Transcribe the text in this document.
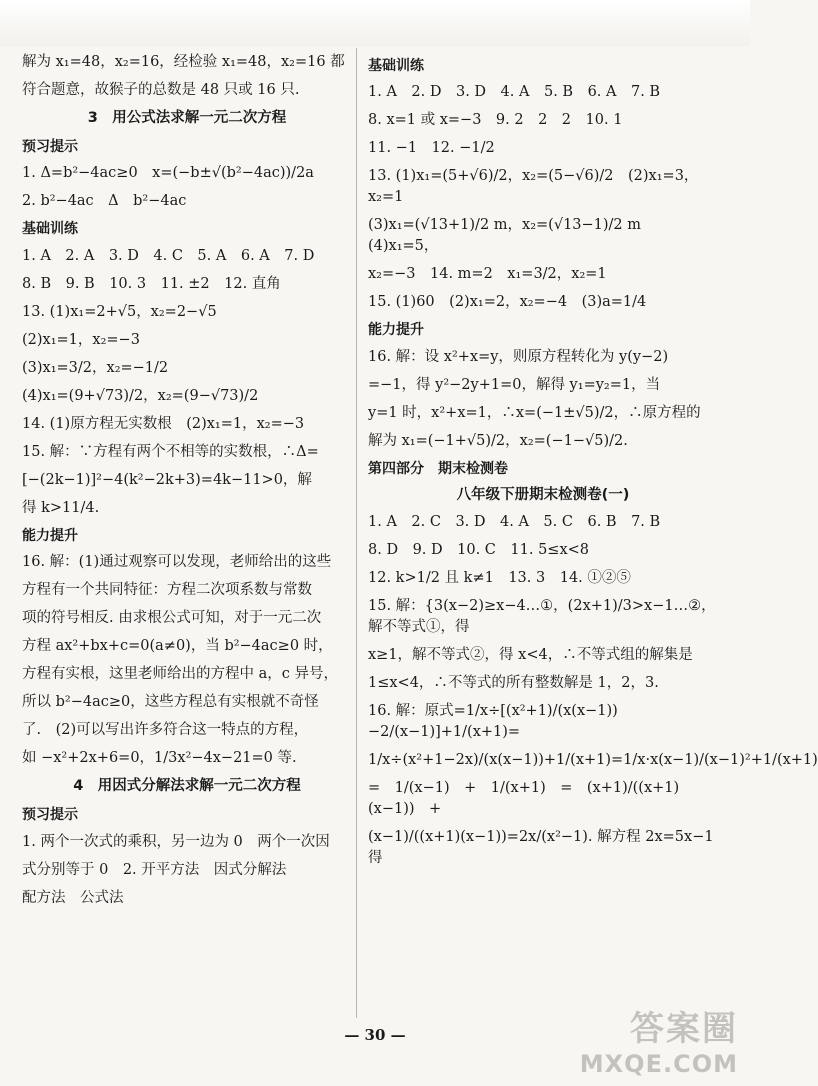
解为 x₁=48，x₂=16，经检验 x₁=48，x₂=16 都
符合题意，故猴子的总数是 48 只或 16 只.
3　用公式法求解一元二次方程
预习提示
1. Δ=b²−4ac≥0　x=(−b±√(b²−4ac))/2a
2. b²−4ac　Δ　b²−4ac
基础训练
1. A　2. A　3. D　4. C　5. A　6. A　7. D
8. B　9. B　10. 3　11. ±2　12. 直角
13. (1)x₁=2+√5，x₂=2−√5
(2)x₁=1，x₂=−3
(3)x₁=3/2，x₂=−1/2
(4)x₁=(9+√73)/2，x₂=(9−√73)/2
14. (1)原方程无实数根　(2)x₁=1，x₂=−3
15. 解：∵方程有两个不相等的实数根，∴Δ=
[−(2k−1)]²−4(k²−2k+3)=4k−11>0，解
得 k>11/4.
能力提升
16. 解：(1)通过观察可以发现，老师给出的这些
方程有一个共同特征：方程二次项系数与常数
项的符号相反. 由求根公式可知，对于一元二次
方程 ax²+bx+c=0(a≠0)，当 b²−4ac≥0 时，
方程有实根，这里老师给出的方程中 a，c 异号，
所以 b²−4ac≥0，这些方程总有实根就不奇怪
了.　(2)可以写出许多符合这一特点的方程，
如 −x²+2x+6=0，1/3x²−4x−21=0 等.
4　用因式分解法求解一元二次方程
预习提示
1. 两个一次式的乘积，另一边为 0　两个一次因
式分别等于 0　2. 开平方法　因式分解法
配方法　公式法
基础训练
1. A　2. D　3. D　4. A　5. B　6. A　7. B
8. x=1 或 x=−3　9. 2　2　2　10. 1
11. −1　12. −1/2
13. (1)x₁=(5+√6)/2，x₂=(5−√6)/2　(2)x₁=3，x₂=1
(3)x₁=(√13+1)/2 m，x₂=(√13−1)/2 m　(4)x₁=5，
x₂=−3　14. m=2　x₁=3/2，x₂=1
15. (1)60　(2)x₁=2，x₂=−4　(3)a=1/4
能力提升
16. 解：设 x²+x=y，则原方程转化为 y(y−2)
=−1，得 y²−2y+1=0，解得 y₁=y₂=1，当
y=1 时，x²+x=1，∴x=(−1±√5)/2，∴原方程的
解为 x₁=(−1+√5)/2，x₂=(−1−√5)/2.
第四部分　期末检测卷
八年级下册期末检测卷(一)
1. A　2. C　3. D　4. A　5. C　6. B　7. B
8. D　9. D　10. C　11. 5≤x<8
12. k>1/2 且 k≠1　13. 3　14. ①②⑤
15. 解：{3(x−2)≥x−4…①，(2x+1)/3>x−1…②，　解不等式①，得
x≥1，解不等式②，得 x<4，∴不等式组的解集是
1≤x<4，∴不等式的所有整数解是 1，2，3.
16. 解：原式=1/x÷[(x²+1)/(x(x−1))−2/(x−1)]+1/(x+1)=
1/x÷(x²+1−2x)/(x(x−1))+1/(x+1)=1/x·x(x−1)/(x−1)²+1/(x+1)
=　1/(x−1)　+　1/(x+1)　=　(x+1)/((x+1)(x−1))　+
(x−1)/((x+1)(x−1))=2x/(x²−1). 解方程 2x=5x−1 得
— 30 —	答案圈
MXQE.COM
